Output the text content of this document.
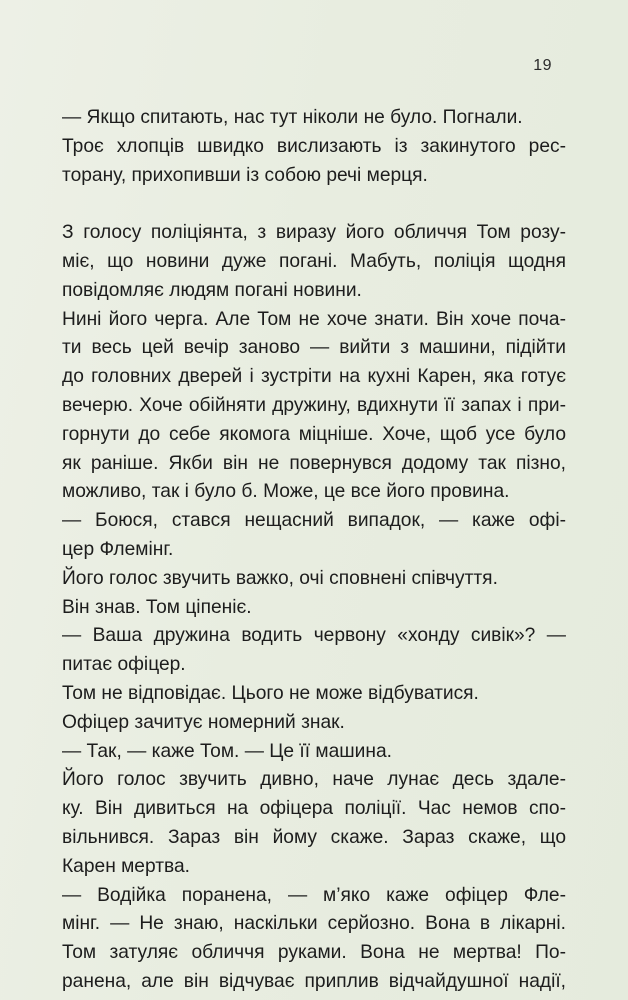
19
— Якщо спитають, нас тут ніколи не було. Погнали.
Троє хлопців швидко вислизають із закинутого рес-
торану, прихопивши із собою речі мерця.
З голосу поліціянта, з виразу його обличчя Том розу-
міє, що новини дуже погані. Мабуть, поліція щодня
повідомляє людям погані новини.
Нині його черга. Але Том не хоче знати. Він хоче поча-
ти весь цей вечір заново — вийти з машини, підійти
до головних дверей і зустріти на кухні Карен, яка готує
вечерю. Хоче обійняти дружину, вдихнути її запах і при-
горнути до себе якомога міцніше. Хоче, щоб усе було
як раніше. Якби він не повернувся додому так пізно,
можливо, так і було б. Може, це все його провина.
— Боюся, стався нещасний випадок, — каже офі-
цер Флемінг.
Його голос звучить важко, очі сповнені співчуття.
Він знав. Том ціпеніє.
— Ваша дружина водить червону «хонду сивік»? —
питає офіцер.
Том не відповідає. Цього не може відбуватися.
Офіцер зачитує номерний знак.
— Так, — каже Том. — Це її машина.
Його голос звучить дивно, наче лунає десь здале-
ку. Він дивиться на офіцера поліції. Час немов спо-
вільнився. Зараз він йому скаже. Зараз скаже, що
Карен мертва.
— Водійка поранена, — м’яко каже офіцер Фле-
мінг. — Не знаю, наскільки серйозно. Вона в лікарні.
Том затуляє обличчя руками. Вона не мертва! По-
ранена, але він відчуває приплив відчайдушної надії,
